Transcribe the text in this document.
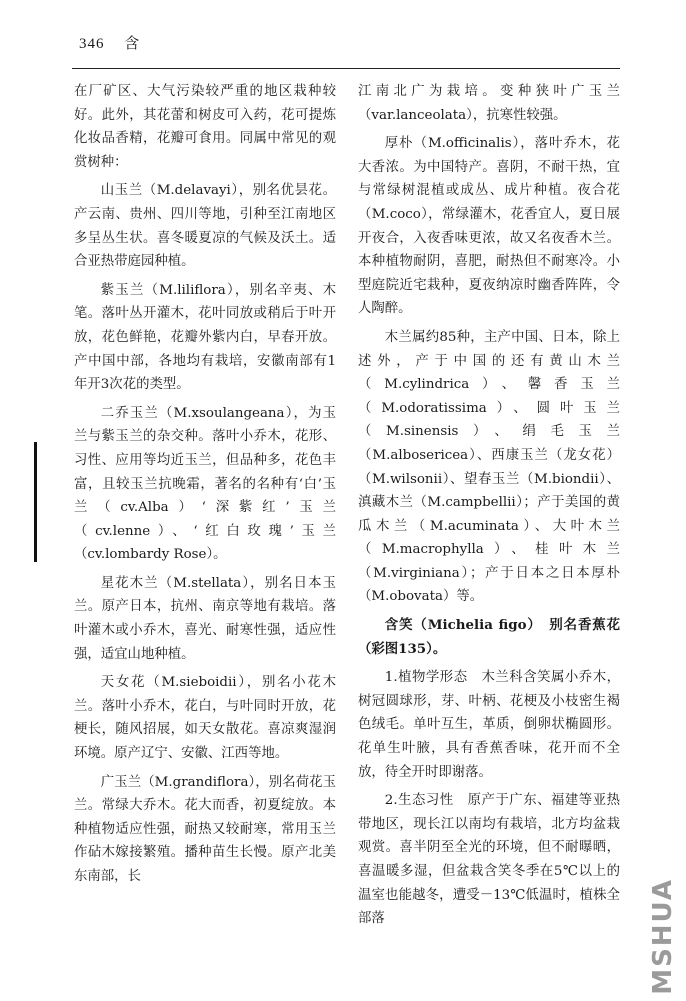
346 含

在厂矿区、大气污染较严重的地区栽种较好。此外，其花蕾和树皮可入药，花可提炼化妆品香精，花瓣可食用。同属中常见的观赏树种：

山玉兰（M.delavayi），别名优昙花。产云南、贵州、四川等地，引种至江南地区多呈丛生状。喜冬暖夏凉的气候及沃土。适合亚热带庭园种植。

紫玉兰（M.liliflora），别名辛夷、木笔。落叶丛开灌木，花叶同放或稍后于叶开放，花色鲜艳，花瓣外紫内白，早春开放。产中国中部，各地均有栽培，安徽南部有1年开3次花的类型。

二乔玉兰（M.xsoulangeana），为玉兰与紫玉兰的杂交种。落叶小乔木，花形、习性、应用等均近玉兰，但品种多，花色丰富，且较玉兰抗晚霜，著名的名种有‘白’玉兰（cv.Alba）‘深紫红’玉兰（cv.lenne）、‘红白玫瑰’玉兰（cv.lombardy Rose）。

星花木兰（M.stellata），别名日本玉兰。原产日本，抗州、南京等地有栽培。落叶灌木或小乔木，喜光、耐寒性强，适应性强，适宜山地种植。

天女花（M.sieboidii），别名小花木兰。落叶小乔木，花白，与叶同时开放，花梗长，随风招展，如天女散花。喜凉爽湿润环境。原产辽宁、安徽、江西等地。

广玉兰（M.grandiflora），别名荷花玉兰。常绿大乔木。花大而香，初夏绽放。本种植物适应性强，耐热又较耐寒，常用玉兰作砧木嫁接繁殖。播种苗生长慢。原产北美东南部，长

江南北广为栽培。变种狭叶广玉兰（var.lanceolata），抗寒性较强。

厚朴（M.officinalis），落叶乔木，花大香浓。为中国特产。喜阴，不耐干热，宜与常绿树混植或成丛、成片种植。夜合花（M.coco），常绿灌木，花香宜人，夏日展开夜合，入夜香味更浓，故又名夜香木兰。本种植物耐阴，喜肥，耐热但不耐寒冷。小型庭院近宅栽种，夏夜纳凉时幽香阵阵，令人陶醉。

木兰属约85种，主产中国、日本，除上述外，产于中国的还有黄山木兰（M.cylindrica）、馨香玉兰（M.odoratissima）、圆叶玉兰（M.sinensis）、绢毛玉兰（M.albosericea）、西康玉兰（龙女花）（M.wilsonii）、望春玉兰（M.biondii）、滇藏木兰（M.campbellii）；产于美国的黄瓜木兰（M.acuminata）、大叶木兰（M.macrophylla）、桂叶木兰（M.virginiana）；产于日本之日本厚朴（M.obovata）等。

含笑（Michelia figo）　别名香蕉花（彩图135）。

1.植物学形态　木兰科含笑属小乔木，树冠圆球形，芽、叶柄、花梗及小枝密生褐色绒毛。单叶互生，革质，倒卵状椭圆形。花单生叶腋，具有香蕉香味，花开而不全放，待全开时即谢落。

2.生态习性　原产于广东、福建等亚热带地区，现长江以南均有栽培，北方均盆栽观赏。喜半阴至全光的环境，但不耐曝晒，喜温暖多湿，但盆栽含笑冬季在5℃以上的温室也能越冬，遭受－13℃低温时，植株全部落	MSHUA
